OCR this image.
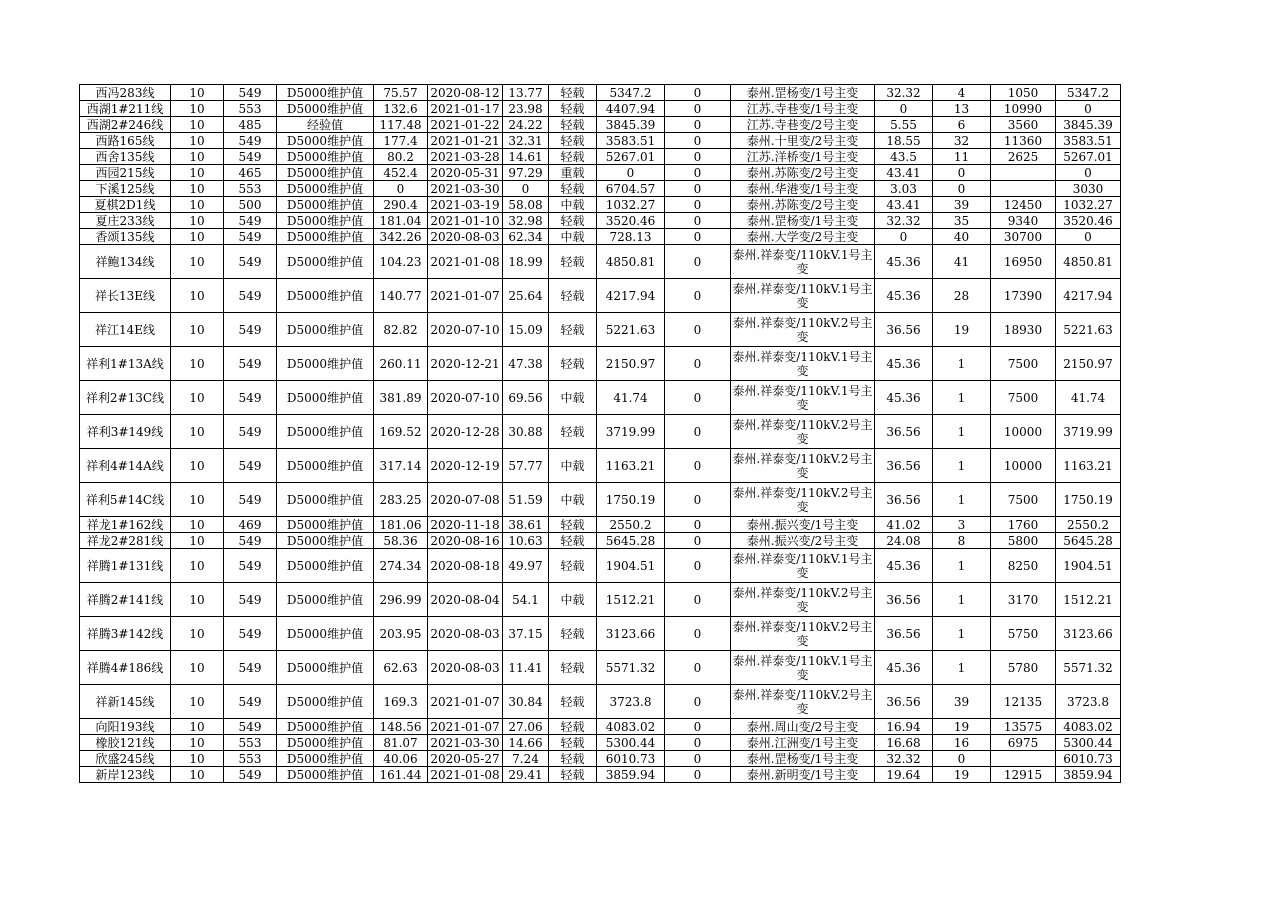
西冯283线	10	549	D5000维护值	75.57	2020-08-12	13.77	轻载	5347.2	0	泰州.罡杨变/1号主变	32.32	4	1050	5347.2
西湖1#211线	10	553	D5000维护值	132.6	2021-01-17	23.98	轻载	4407.94	0	江苏.寺巷变/1号主变	0	13	10990	0
西湖2#246线	10	485	经验值	117.48	2021-01-22	24.22	轻载	3845.39	0	江苏.寺巷变/2号主变	5.55	6	3560	3845.39
西路165线	10	549	D5000维护值	177.4	2021-01-21	32.31	轻载	3583.51	0	泰州.十里变/2号主变	18.55	32	11360	3583.51
西舍135线	10	549	D5000维护值	80.2	2021-03-28	14.61	轻载	5267.01	0	江苏.洋桥变/1号主变	43.5	11	2625	5267.01
西园215线	10	465	D5000维护值	452.4	2020-05-31	97.29	重载	0	0	泰州.苏陈变/2号主变	43.41	0		0
下溪125线	10	553	D5000维护值	0	2021-03-30	0	轻载	6704.57	0	泰州.华港变/1号主变	3.03	0		3030
夏棋2D1线	10	500	D5000维护值	290.4	2021-03-19	58.08	中载	1032.27	0	泰州.苏陈变/2号主变	43.41	39	12450	1032.27
夏庄233线	10	549	D5000维护值	181.04	2021-01-10	32.98	轻载	3520.46	0	泰州.罡杨变/1号主变	32.32	35	9340	3520.46
香颂135线	10	549	D5000维护值	342.26	2020-08-03	62.34	中载	728.13	0	泰州.大学变/2号主变	0	40	30700	0
祥鲍134线	10	549	D5000维护值	104.23	2021-01-08	18.99	轻载	4850.81	0	泰州.祥泰变/110kV.1号主变	45.36	41	16950	4850.81
祥长13E线	10	549	D5000维护值	140.77	2021-01-07	25.64	轻载	4217.94	0	泰州.祥泰变/110kV.1号主变	45.36	28	17390	4217.94
祥江14E线	10	549	D5000维护值	82.82	2020-07-10	15.09	轻载	5221.63	0	泰州.祥泰变/110kV.2号主变	36.56	19	18930	5221.63
祥利1#13A线	10	549	D5000维护值	260.11	2020-12-21	47.38	轻载	2150.97	0	泰州.祥泰变/110kV.1号主变	45.36	1	7500	2150.97
祥利2#13C线	10	549	D5000维护值	381.89	2020-07-10	69.56	中载	41.74	0	泰州.祥泰变/110kV.1号主变	45.36	1	7500	41.74
祥利3#149线	10	549	D5000维护值	169.52	2020-12-28	30.88	轻载	3719.99	0	泰州.祥泰变/110kV.2号主变	36.56	1	10000	3719.99
祥利4#14A线	10	549	D5000维护值	317.14	2020-12-19	57.77	中载	1163.21	0	泰州.祥泰变/110kV.2号主变	36.56	1	10000	1163.21
祥利5#14C线	10	549	D5000维护值	283.25	2020-07-08	51.59	中载	1750.19	0	泰州.祥泰变/110kV.2号主变	36.56	1	7500	1750.19
祥龙1#162线	10	469	D5000维护值	181.06	2020-11-18	38.61	轻载	2550.2	0	泰州.振兴变/1号主变	41.02	3	1760	2550.2
祥龙2#281线	10	549	D5000维护值	58.36	2020-08-16	10.63	轻载	5645.28	0	泰州.振兴变/2号主变	24.08	8	5800	5645.28
祥腾1#131线	10	549	D5000维护值	274.34	2020-08-18	49.97	轻载	1904.51	0	泰州.祥泰变/110kV.1号主变	45.36	1	8250	1904.51
祥腾2#141线	10	549	D5000维护值	296.99	2020-08-04	54.1	中载	1512.21	0	泰州.祥泰变/110kV.2号主变	36.56	1	3170	1512.21
祥腾3#142线	10	549	D5000维护值	203.95	2020-08-03	37.15	轻载	3123.66	0	泰州.祥泰变/110kV.2号主变	36.56	1	5750	3123.66
祥腾4#186线	10	549	D5000维护值	62.63	2020-08-03	11.41	轻载	5571.32	0	泰州.祥泰变/110kV.1号主变	45.36	1	5780	5571.32
祥新145线	10	549	D5000维护值	169.3	2021-01-07	30.84	轻载	3723.8	0	泰州.祥泰变/110kV.2号主变	36.56	39	12135	3723.8
向阳193线	10	549	D5000维护值	148.56	2021-01-07	27.06	轻载	4083.02	0	泰州.周山变/2号主变	16.94	19	13575	4083.02
橡胶121线	10	553	D5000维护值	81.07	2021-03-30	14.66	轻载	5300.44	0	泰州.江洲变/1号主变	16.68	16	6975	5300.44
欣盛245线	10	553	D5000维护值	40.06	2020-05-27	7.24	轻载	6010.73	0	泰州.罡杨变/1号主变	32.32	0		6010.73
新岸123线	10	549	D5000维护值	161.44	2021-01-08	29.41	轻载	3859.94	0	泰州.新明变/1号主变	19.64	19	12915	3859.94
